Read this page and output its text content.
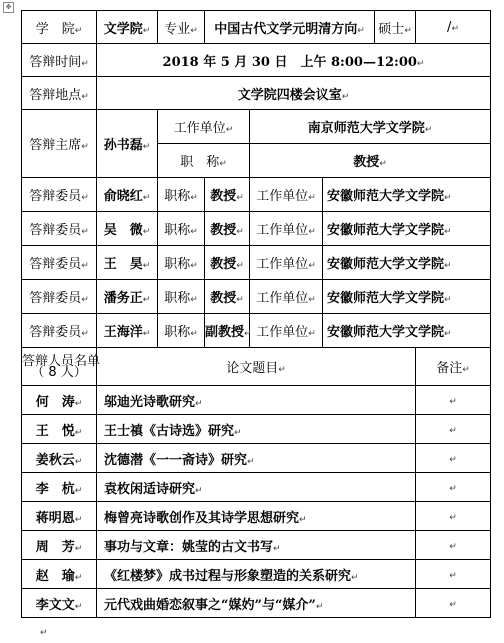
✥
学　院↵	文学院↵	专业↵	中国古代文学元明清方向↵			硕士↵	/↵
答辩时间↵	2018 年 5 月 30 日　上午 8:00—12:00↵						
答辩地点↵	文学院四楼会议室↵						
答辩主席↵	孙书磊↵	工作单位↵		南京师范大学文学院↵			
		职　称↵		教授↵			
答辩委员↵	俞晓红↵	职称↵	教授↵	工作单位↵	安徽师范大学文学院↵		
答辩委员↵	吴　微↵	职称↵	教授↵	工作单位↵	安徽师范大学文学院↵		
答辩委员↵	王　昊↵	职称↵	教授↵	工作单位↵	安徽师范大学文学院↵		
答辩委员↵	潘务正↵	职称↵	教授↵	工作单位↵	安徽师范大学文学院↵		
答辩委员↵	王海洋↵	职称↵	副教授↵	工作单位↵	安徽师范大学文学院↵		

答辩人员名单
（ 8 人）	论文题目↵						备注↵
何　涛↵	邬迪光诗歌研究↵						↵
王　悦↵	王士禛《古诗选》研究↵						↵
姜秋云↵	沈德潜《一一斋诗》研究↵						↵
李　杭↵	袁枚闲适诗研究↵						↵
蒋明恩↵	梅曾亮诗歌创作及其诗学思想研究↵						↵
周　芳↵	事功与文章：姚莹的古文书写↵						↵
赵　瑜↵	《红楼梦》成书过程与形象塑造的关系研究↵						↵
李文文↵	元代戏曲婚恋叙事之“媒妁”与“媒介”↵						↵
↵
